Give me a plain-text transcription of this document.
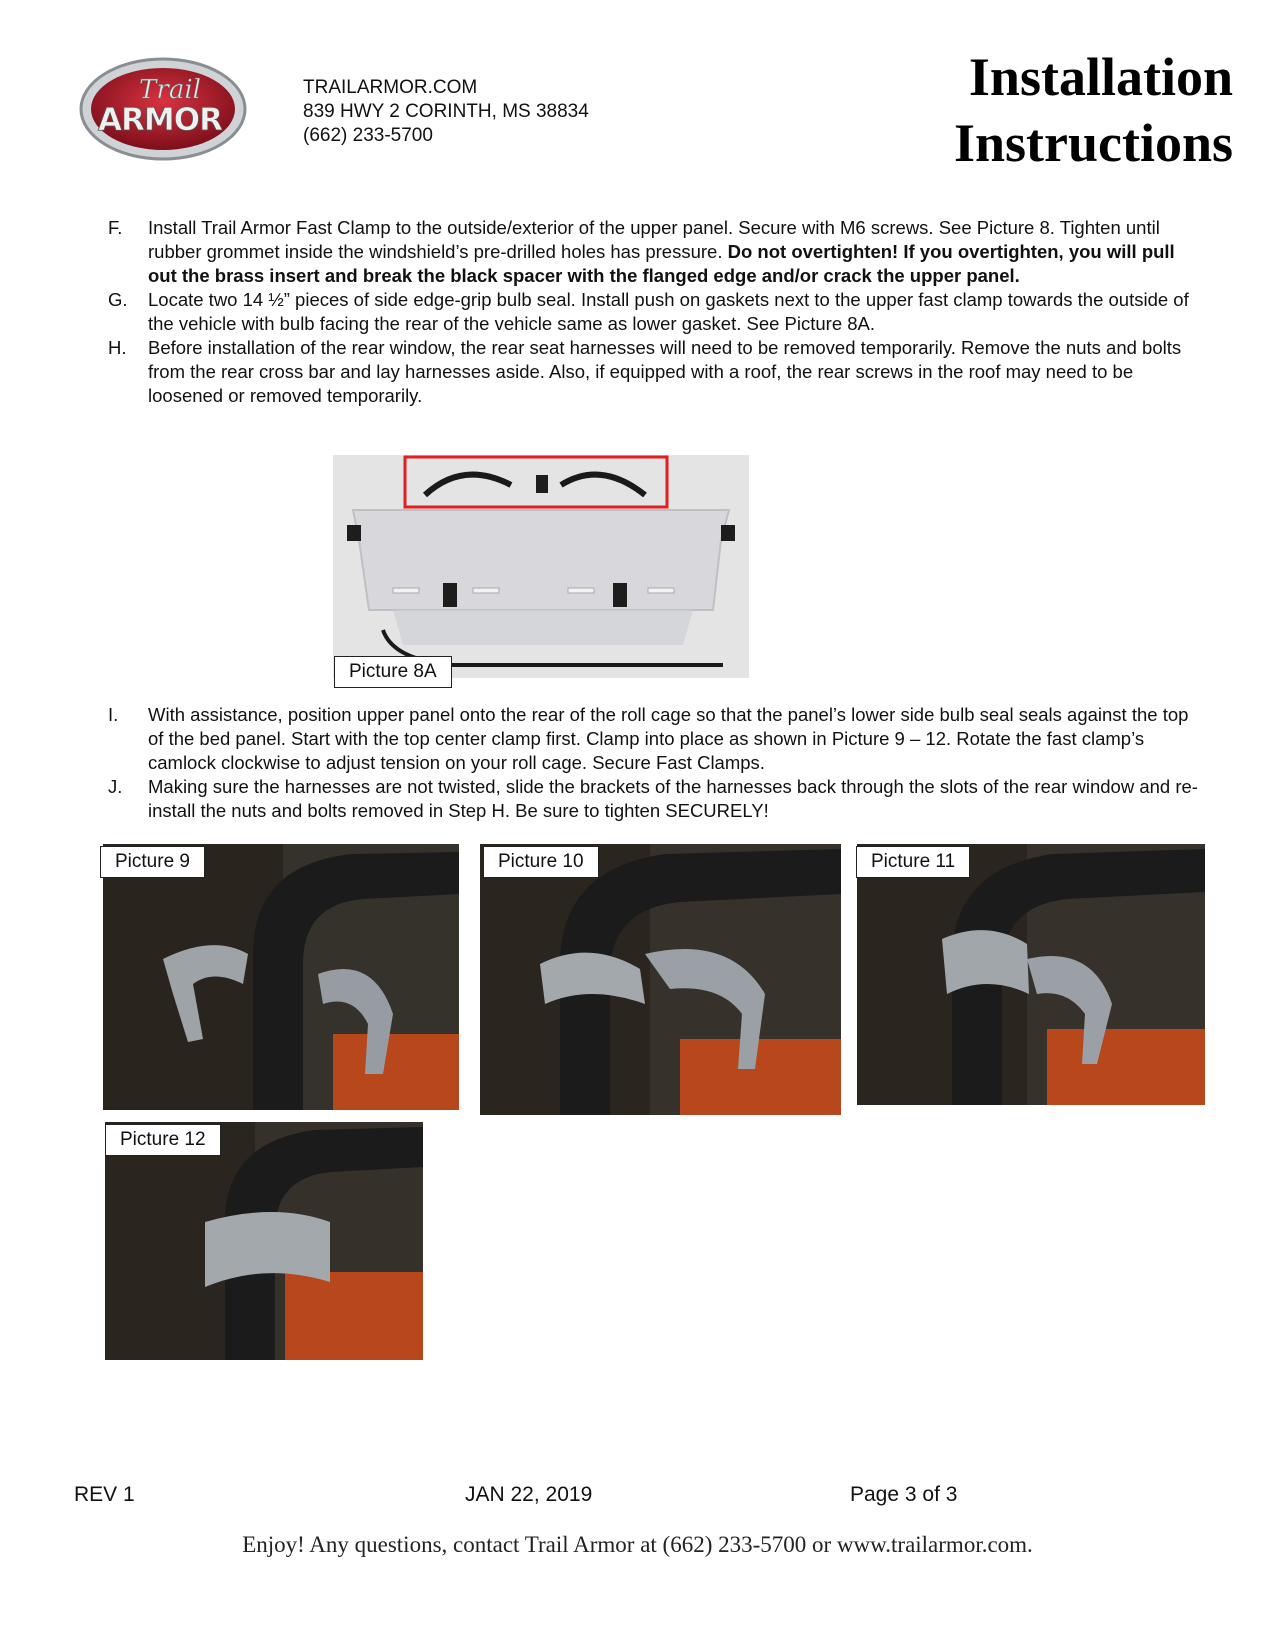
Trail
ARMOR
TRAILARMOR.COM
839 HWY 2 CORINTH, MS 38834
(662) 233-5700
Installation
Instructions
F.	Install Trail Armor Fast Clamp to the outside/exterior of the upper panel. Secure with M6 screws. See Picture 8. Tighten until rubber grommet inside the windshield’s pre-drilled holes has pressure. Do not overtighten! If you overtighten, you will pull out the brass insert and break the black spacer with the flanged edge and/or crack the upper panel.
G.	Locate two 14 ½” pieces of side edge-grip bulb seal. Install push on gaskets next to the upper fast clamp towards the outside of the vehicle with bulb facing the rear of the vehicle same as lower gasket. See Picture 8A.
H.	Before installation of the rear window, the rear seat harnesses will need to be removed temporarily. Remove the nuts and bolts from the rear cross bar and lay harnesses aside. Also, if equipped with a roof, the rear screws in the roof may need to be loosened or removed temporarily.
Picture 8A
I.	With assistance, position upper panel onto the rear of the roll cage so that the panel’s lower side bulb seal seals against the top of the bed panel. Start with the top center clamp first. Clamp into place as shown in Picture 9 – 12. Rotate the fast clamp’s camlock clockwise to adjust tension on your roll cage. Secure Fast Clamps.
J.	Making sure the harnesses are not twisted, slide the brackets of the harnesses back through the slots of the rear window and re-install the nuts and bolts removed in Step H. Be sure to tighten SECURELY!
Picture 9	Picture 10	Picture 11
Picture 12
REV 1	JAN 22, 2019	Page 3 of 3
Enjoy! Any questions, contact Trail Armor at (662) 233-5700 or www.trailarmor.com.
